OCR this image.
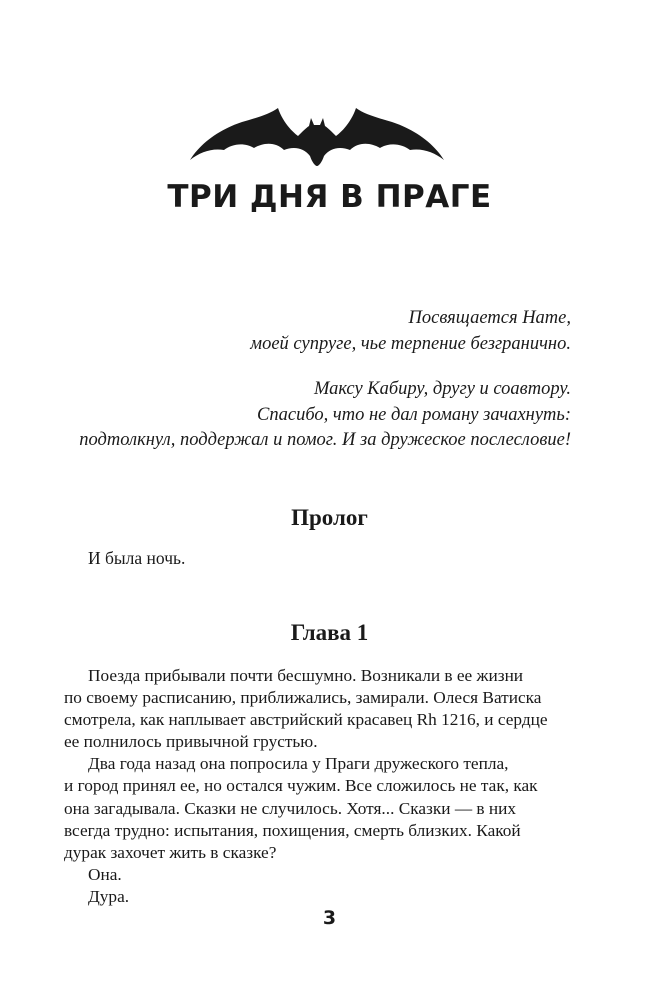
ТРИ ДНЯ В ПРАГЕ
Посвящается Нате,
моей супруге, чье терпение безгранично.
Максу Кабиру, другу и соавтору.
Спасибо, что не дал роману зачахнуть:
подтолкнул, поддержал и помог. И за дружеское послесловие!
Пролог

И была ночь.

Глава 1
Поезда прибывали почти бесшумно. Возникали в ее жизни
по своему расписанию, приближались, замирали. Олеся Ватиска
смотрела, как наплывает австрийский красавец Rh 1216, и сердце
ее полнилось привычной грустью.
Два года назад она попросила у Праги дружеского тепла,
и город принял ее, но остался чужим. Все сложилось не так, как
она загадывала. Сказки не случилось. Хотя... Сказки — в них
всегда трудно: испытания, похищения, смерть близких. Какой
дурак захочет жить в сказке?
Она.
Дура.
3
